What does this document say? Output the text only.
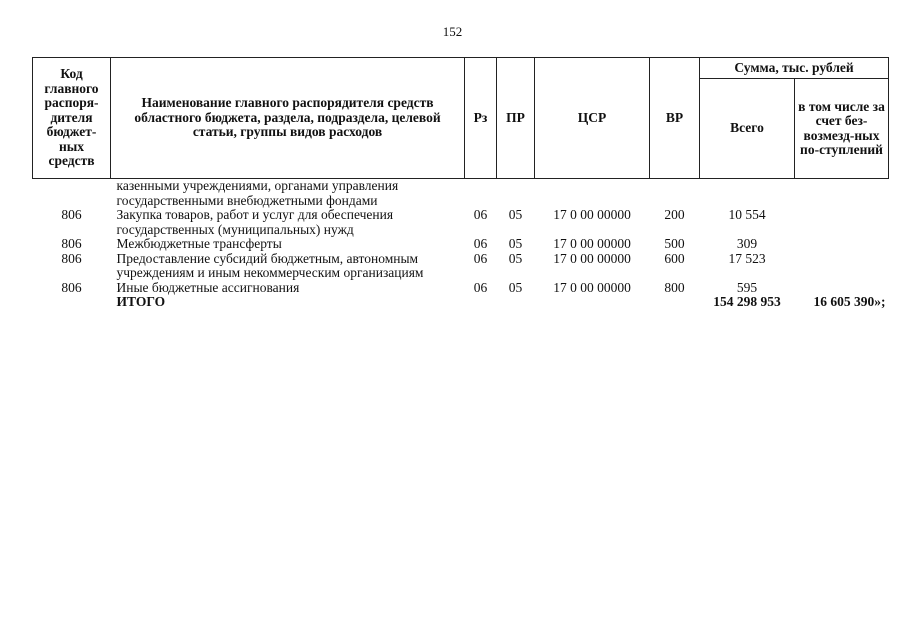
152
Код главного распоря-дителя бюджет-ных средств	Наименование главного распорядителя средств областного бюджета, раздела, подраздела, целевой статьи, группы видов расходов	Рз	ПР	ЦСР	ВР	Сумма, тыс. рублей	
						Всего	в том числе за счет без-возмезд-ных по-ступлений
	казенными учреждениями, органами управления государственными внебюджетными фондами						
806	Закупка товаров, работ и услуг для обеспечения государственных (муниципальных) нужд	06	05	17 0 00 00000	200	10 554	
806	Межбюджетные трансферты	06	05	17 0 00 00000	500	309	
806	Предоставление субсидий бюджетным, автономным учреждениям и иным некоммерческим организациям	06	05	17 0 00 00000	600	17 523	
806	Иные бюджетные ассигнования	06	05	17 0 00 00000	800	595	
	ИТОГО					154 298 953	16 605 390»;
